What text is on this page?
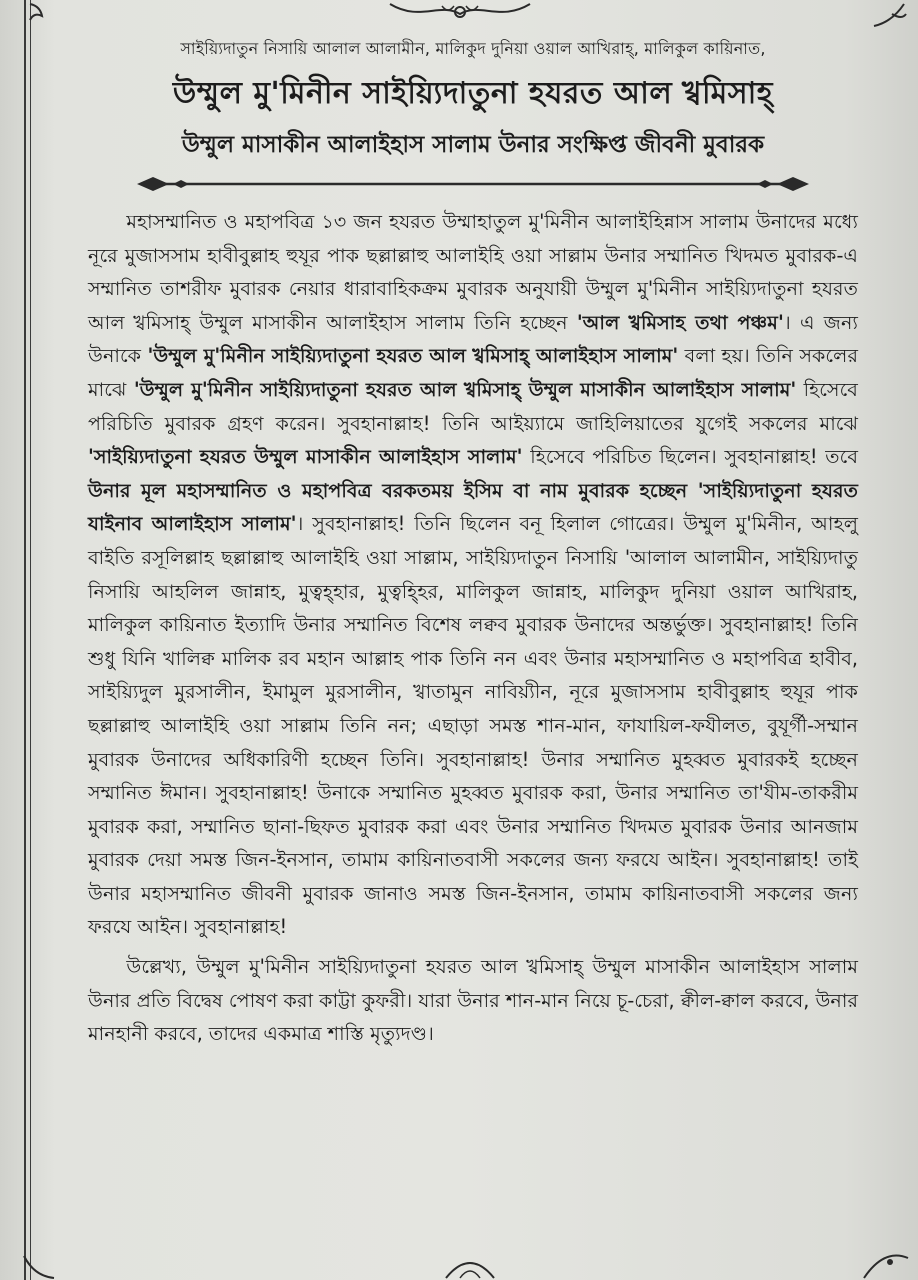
সাইয়্যিদাতুন নিসায়ি আলাল আলামীন, মালিকুদ দুনিয়া ওয়াল আখিরাহ্, মালিকুল কায়িনাত,

উম্মুল মু'মিনীন সাইয়্যিদাতুনা হযরত আল খ্বমিসাহ্
উম্মুল মাসাকীন আলাইহাস সালাম উনার সংক্ষিপ্ত জীবনী মুবারক

মহাসম্মানিত ও মহাপবিত্র ১৩ জন হযরত উম্মাহাতুল মু'মিনীন আলাইহিন্নাস সালাম উনাদের মধ্যে নূরে মুজাসসাম হাবীবুল্লাহ হুযূর পাক ছল্লাল্লাহু আলাইহি ওয়া সাল্লাম উনার সম্মানিত খিদমত মুবারক-এ সম্মানিত তাশরীফ মুবারক নেয়ার ধারাবাহিকক্রম মুবারক অনুযায়ী উম্মুল মু'মিনীন সাইয়্যিদাতুনা হযরত আল খ্বমিসাহ্ উম্মুল মাসাকীন আলাইহাস সালাম তিনি হচ্ছেন 'আল খ্বমিসাহ তথা পঞ্চম'। এ জন্য উনাকে 'উম্মুল মু'মিনীন সাইয়্যিদাতুনা হযরত আল খ্বমিসাহ্ আলাইহাস সালাম' বলা হয়। তিনি সকলের মাঝে 'উম্মুল মু'মিনীন সাইয়্যিদাতুনা হযরত আল খ্বমিসাহ্ উম্মুল মাসাকীন আলাইহাস সালাম' হিসেবে পরিচিতি মুবারক গ্রহণ করেন। সুবহানাল্লাহ! তিনি আইয়্যামে জাহিলিয়াতের যুগেই সকলের মাঝে 'সাইয়্যিদাতুনা হযরত উম্মুল মাসাকীন আলাইহাস সালাম' হিসেবে পরিচিত ছিলেন। সুবহানাল্লাহ! তবে উনার মূল মহাসম্মানিত ও মহাপবিত্র বরকতময় ইসিম বা নাম মুবারক হচ্ছেন 'সাইয়্যিদাতুনা হযরত যাইনাব আলাইহাস সালাম'। সুবহানাল্লাহ! তিনি ছিলেন বনূ হিলাল গোত্রের। উম্মুল মু'মিনীন, আহলু বাইতি রসূলিল্লাহ ছল্লাল্লাহু আলাইহি ওয়া সাল্লাম, সাইয়্যিদাতুন নিসায়ি 'আলাল আলামীন, সাইয়্যিদাতু নিসায়ি আহলিল জান্নাহ, মুত্বহ্হার, মুত্বহ্হির, মালিকুল জান্নাহ, মালিকুদ দুনিয়া ওয়াল আখিরাহ, মালিকুল কায়িনাত ইত্যাদি উনার সম্মানিত বিশেষ লক্বব মুবারক উনাদের অন্তর্ভুক্ত। সুবহানাল্লাহ! তিনি শুধু যিনি খালিক্ব মালিক রব মহান আল্লাহ পাক তিনি নন এবং উনার মহাসম্মানিত ও মহাপবিত্র হাবীব, সাইয়্যিদুল মুরসালীন, ইমামুল মুরসালীন, খ্বাতামুন নাবিয়্যীন, নূরে মুজাসসাম হাবীবুল্লাহ হুযূর পাক ছল্লাল্লাহু আলাইহি ওয়া সাল্লাম তিনি নন; এছাড়া সমস্ত শান-মান, ফাযায়িল-ফযীলত, বুযূর্গী-সম্মান মুবারক উনাদের অধিকারিণী হচ্ছেন তিনি। সুবহানাল্লাহ! উনার সম্মানিত মুহব্বত মুবারকই হচ্ছেন সম্মানিত ঈমান। সুবহানাল্লাহ! উনাকে সম্মানিত মুহব্বত মুবারক করা, উনার সম্মানিত তা'যীম-তাকরীম মুবারক করা, সম্মানিত ছানা-ছিফত মুবারক করা এবং উনার সম্মানিত খিদমত মুবারক উনার আনজাম মুবারক দেয়া সমস্ত জিন-ইনসান, তামাম কায়িনাতবাসী সকলের জন্য ফরযে আইন। সুবহানাল্লাহ! তাই উনার মহাসম্মানিত জীবনী মুবারক জানাও সমস্ত জিন-ইনসান, তামাম কায়িনাতবাসী সকলের জন্য ফরযে আইন। সুবহানাল্লাহ!

উল্লেখ্য, উম্মুল মু'মিনীন সাইয়্যিদাতুনা হযরত আল খ্বমিসাহ্ উম্মুল মাসাকীন আলাইহাস সালাম উনার প্রতি বিদ্বেষ পোষণ করা কাট্টা কুফরী। যারা উনার শান-মান নিয়ে চূ-চেরা, ক্বীল-ক্বাল করবে, উনার মানহানী করবে, তাদের একমাত্র শাস্তি মৃত্যুদণ্ড।
